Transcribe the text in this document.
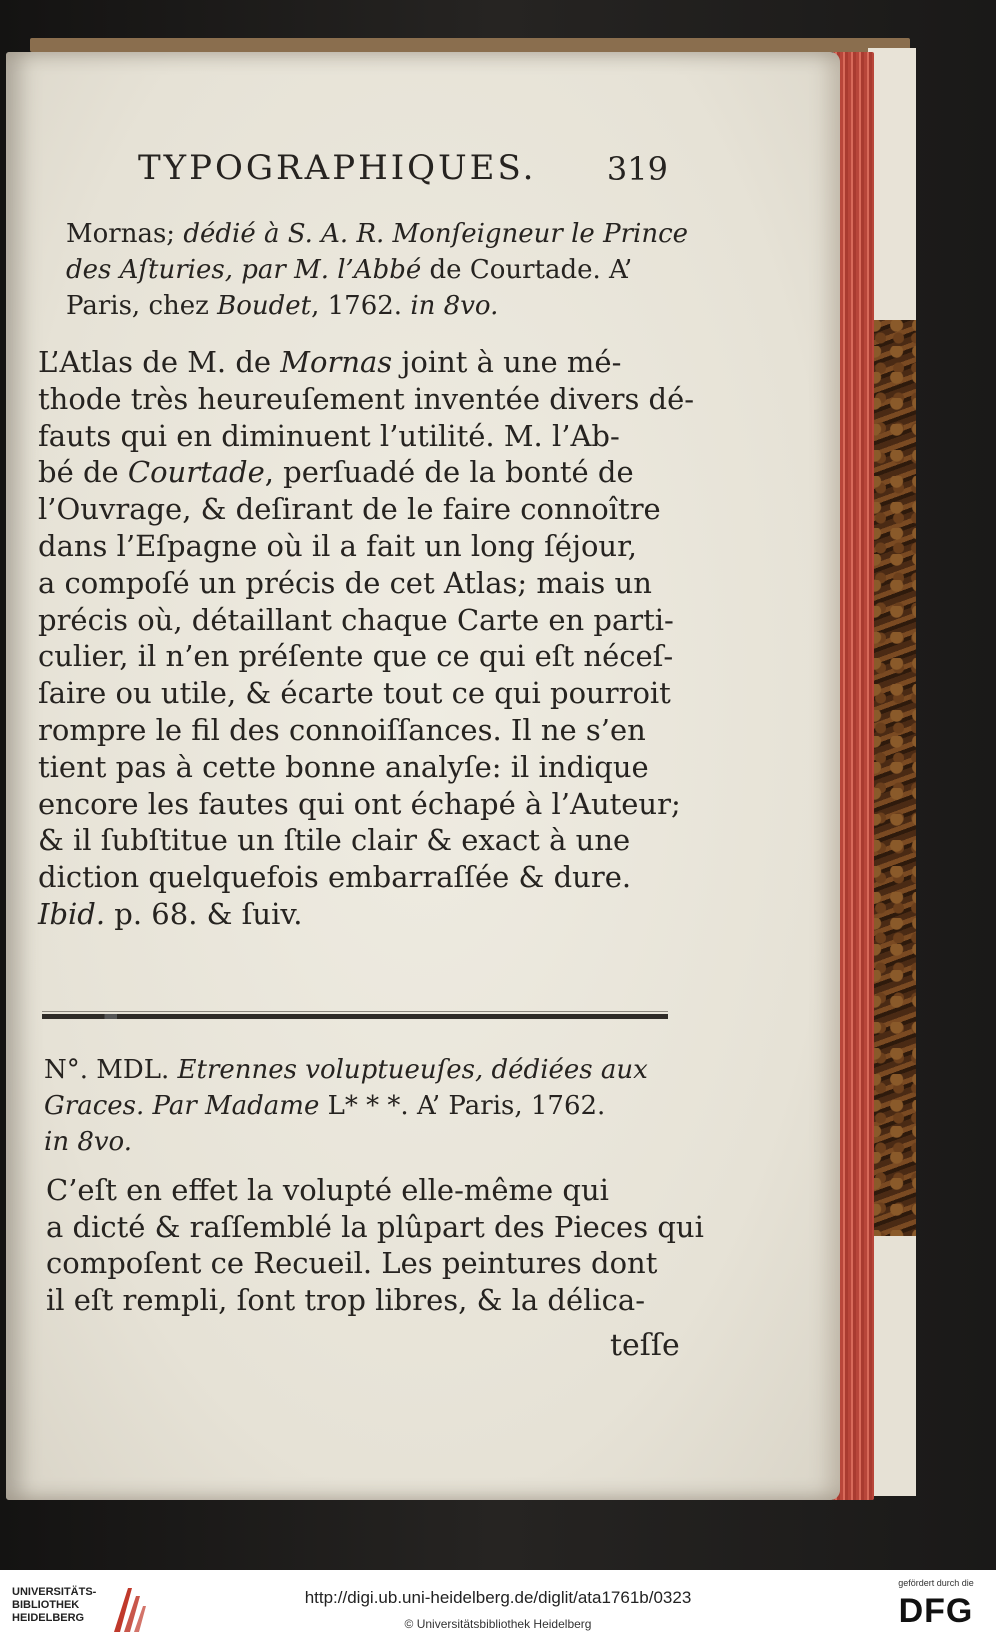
TYPOGRAPHIQUES. 319
Mornas; dédié à S. A. R. Monſeigneur le Prince
des Aſturies, par M. l’Abbé de Courtade. A’
Paris, chez Boudet, 1762. in 8vo.
L’Atlas de M. de Mornas joint à une mé-
thode très heureuſement inventée divers dé-
fauts qui en diminuent l’utilité. M. l’Ab-
bé de Courtade, perſuadé de la bonté de
l’Ouvrage, & deſirant de le faire connoître
dans l’Eſpagne où il a fait un long ſéjour,
a compoſé un précis de cet Atlas; mais un
précis où, détaillant chaque Carte en parti-
culier, il n’en préſente que ce qui eſt néceſ-
ſaire ou utile, & écarte tout ce qui pourroit
rompre le fil des connoiſſances. Il ne s’en
tient pas à cette bonne analyſe: il indique
encore les fautes qui ont échapé à l’Auteur;
& il ſubſtitue un ſtile clair & exact à une
diction quelquefois embarraſſée & dure.
Ibid. p. 68. & ſuiv.
N°. MDL. Etrennes voluptueuſes, dédiées aux
Graces. Par Madame L* * *. A’ Paris, 1762.
in 8vo.
C’eſt en effet la volupté elle-même qui
a dicté & raſſemblé la plûpart des Pieces qui
compoſent ce Recueil. Les peintures dont
il eſt rempli, ſont trop libres, & la délica-
teſſe
UNIVERSITÄTS-
BIBLIOTHEK
HEIDELBERG
http://digi.ub.uni-heidelberg.de/diglit/ata1761b/0323
© Universitätsbibliothek Heidelberg
gefördert durch die
DFG
